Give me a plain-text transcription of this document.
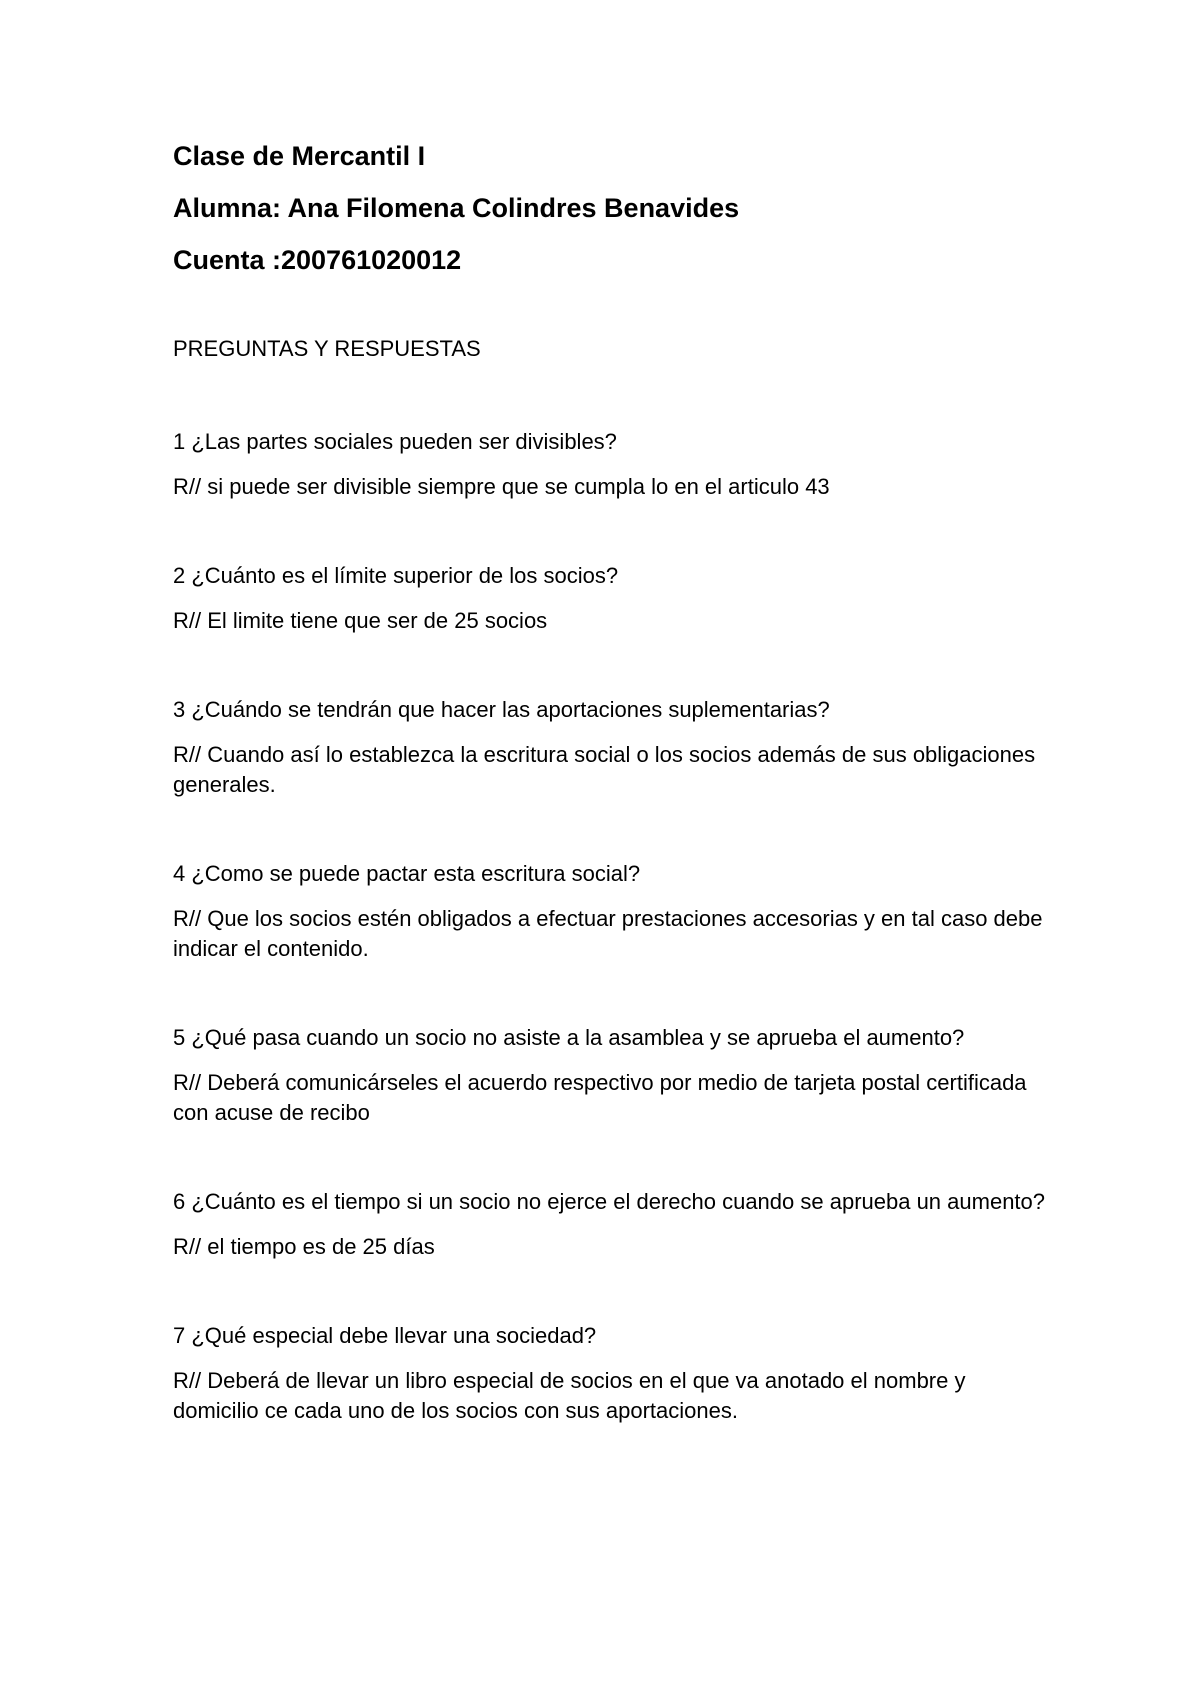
Clase de Mercantil I

Alumna: Ana Filomena Colindres Benavides

Cuenta :200761020012

PREGUNTAS Y RESPUESTAS

1 ¿Las partes sociales pueden ser divisibles?

R// si puede ser divisible siempre que se cumpla lo en el articulo 43

2 ¿Cuánto es el límite superior de los socios?

R// El limite tiene que ser de 25 socios

3 ¿Cuándo se tendrán que hacer las aportaciones suplementarias?

R// Cuando así lo establezca la escritura social o los socios además de sus obligaciones generales.

4 ¿Como se puede pactar esta escritura social?

R// Que los socios estén obligados a efectuar prestaciones accesorias y en tal caso debe indicar el contenido.

5 ¿Qué pasa cuando un socio no asiste a la asamblea y se aprueba el aumento?

R// Deberá comunicárseles el acuerdo respectivo por medio de tarjeta postal certificada con acuse de recibo

6 ¿Cuánto es el tiempo si un socio no ejerce el derecho cuando se aprueba un aumento?

R// el tiempo es de 25 días

7 ¿Qué especial debe llevar una sociedad?

R// Deberá de llevar un libro especial de socios en el que va anotado el nombre y domicilio ce cada uno de los socios con sus aportaciones.
